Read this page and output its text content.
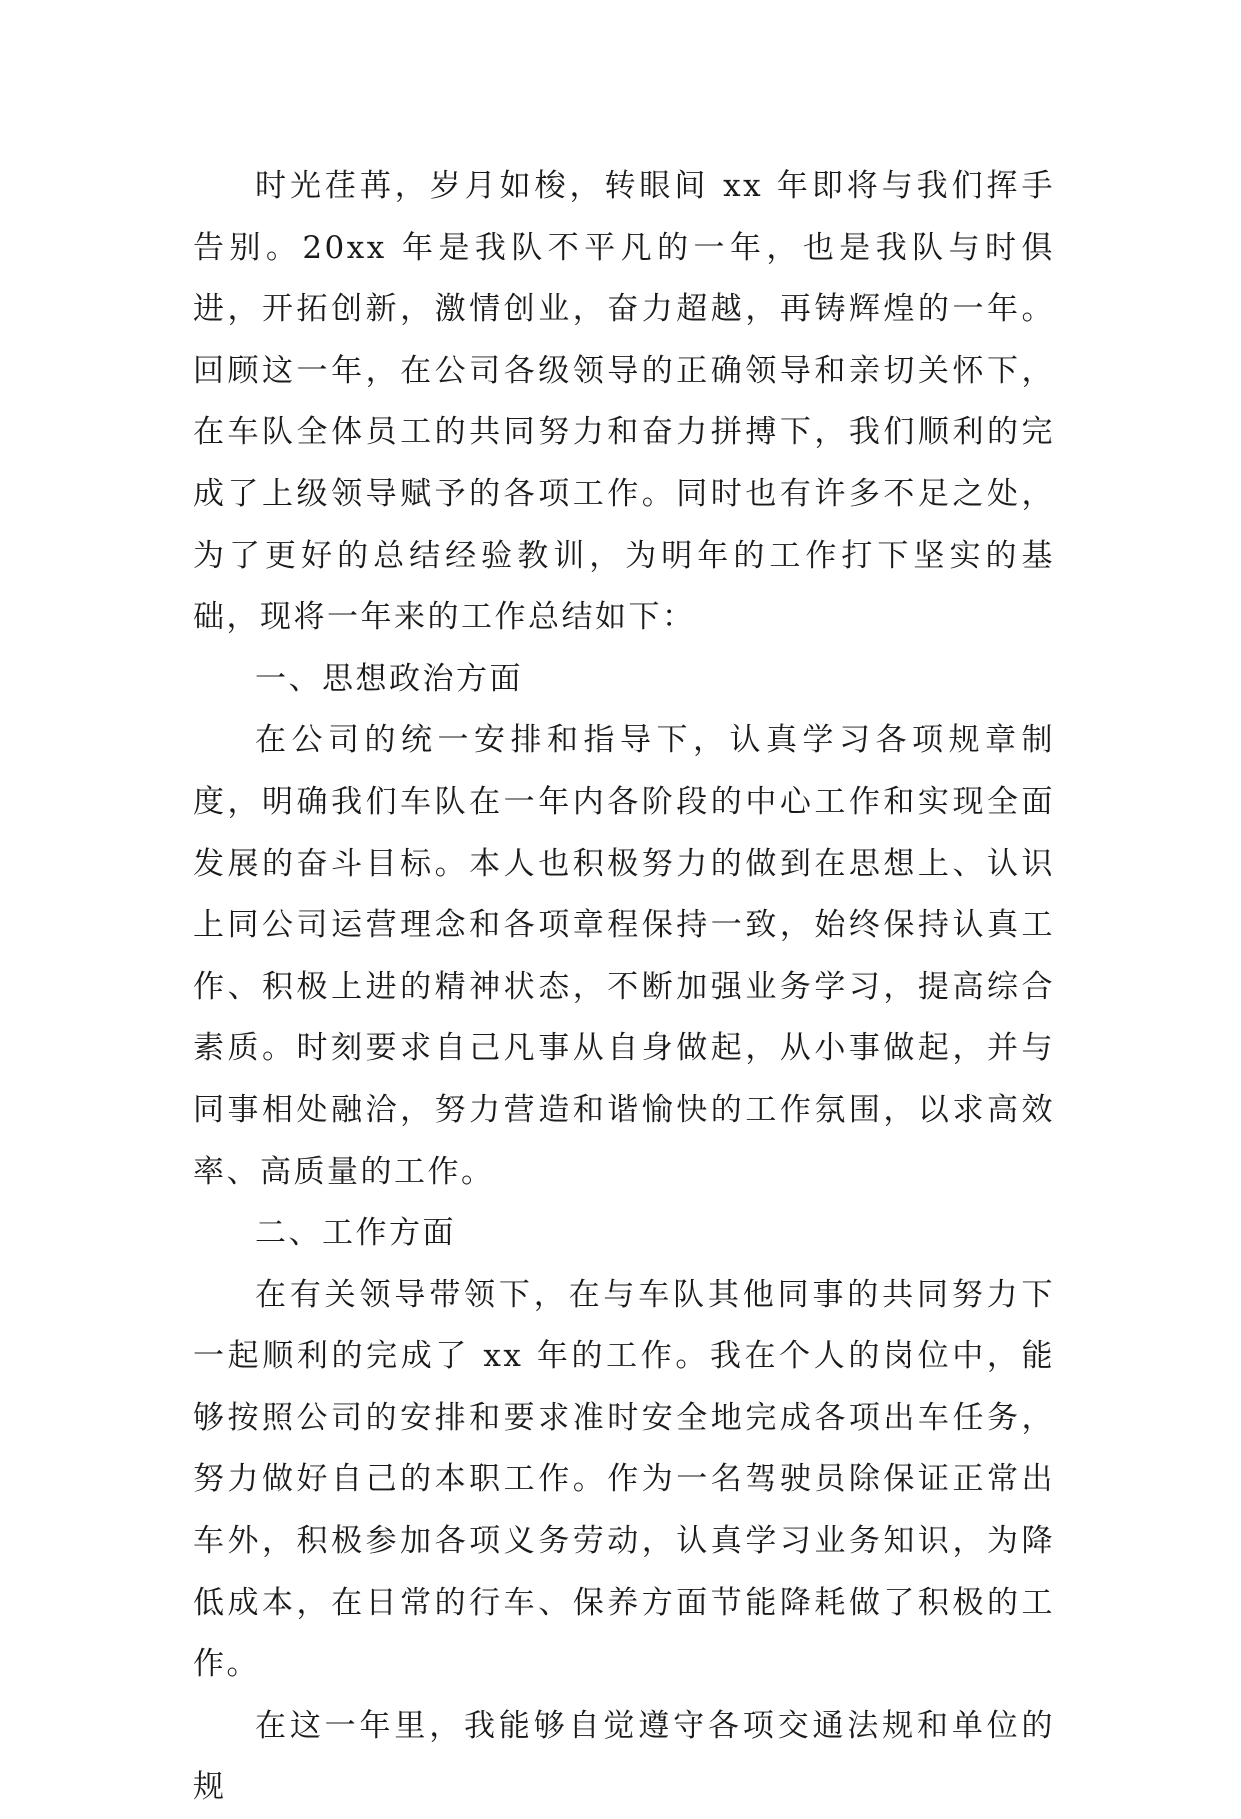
时光荏苒，岁月如梭，转眼间 xx 年即将与我们挥手告别。20xx 年是我队不平凡的一年，也是我队与时俱进，开拓创新，激情创业，奋力超越，再铸辉煌的一年。回顾这一年，在公司各级领导的正确领导和亲切关怀下，在车队全体员工的共同努力和奋力拼搏下，我们顺利的完成了上级领导赋予的各项工作。同时也有许多不足之处，为了更好的总结经验教训，为明年的工作打下坚实的基础，现将一年来的工作总结如下：

一、思想政治方面

在公司的统一安排和指导下，认真学习各项规章制度，明确我们车队在一年内各阶段的中心工作和实现全面发展的奋斗目标。本人也积极努力的做到在思想上、认识上同公司运营理念和各项章程保持一致，始终保持认真工作、积极上进的精神状态，不断加强业务学习，提高综合素质。时刻要求自己凡事从自身做起，从小事做起，并与同事相处融洽，努力营造和谐愉快的工作氛围，以求高效率、高质量的工作。

二、工作方面

在有关领导带领下，在与车队其他同事的共同努力下一起顺利的完成了 xx 年的工作。我在个人的岗位中，能够按照公司的安排和要求准时安全地完成各项出车任务，努力做好自己的本职工作。作为一名驾驶员除保证正常出车外，积极参加各项义务劳动，认真学习业务知识，为降低成本，在日常的行车、保养方面节能降耗做了积极的工作。

在这一年里，我能够自觉遵守各项交通法规和单位的规
